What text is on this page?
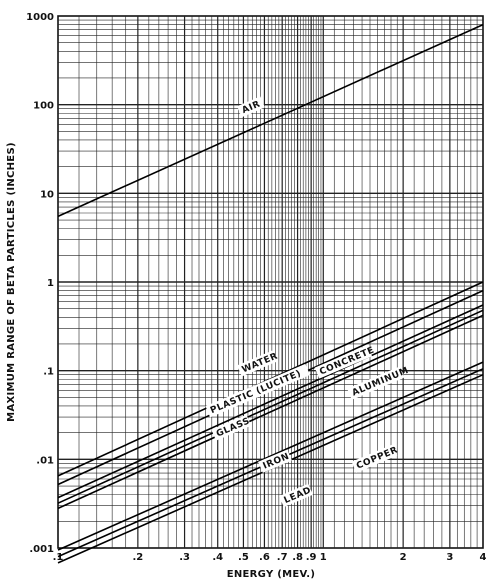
.1	.2	.3 .4 .5 .6 .7 .8 .9 1	2	3	4
.001
.01
.1
1
10
100
1000
AIR
WATER
PLASTIC (LUCITE)
CONCRETE
GLASS
ALUMINUM
IRON
LEAD
COPPER
ENERGY (MEV.)
MAXIMUM RANGE OF BETA PARTICLES (INCHES)
